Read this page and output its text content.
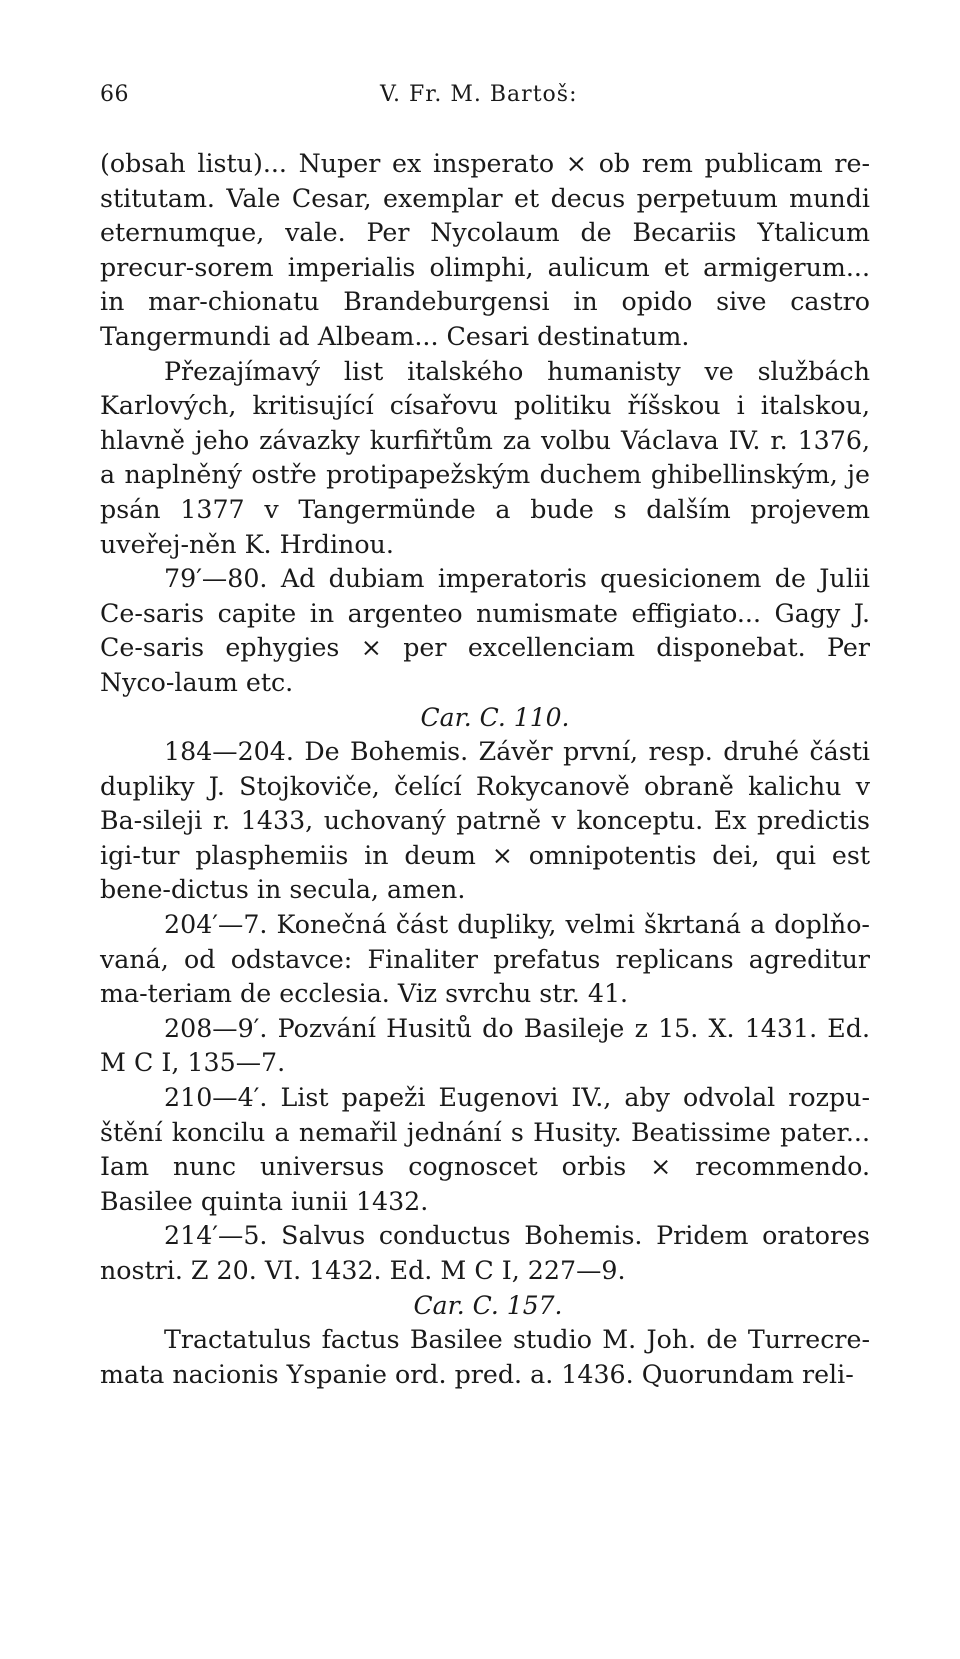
66	V. Fr. M. Bartoš:

(obsah listu)... Nuper ex insperato × ob rem publicam re-stitutam. Vale Cesar, exemplar et decus perpetuum mundi eternumque, vale. Per Nycolaum de Becariis Ytalicum precur-sorem imperialis olimphi, aulicum et armigerum... in mar-chionatu Brandeburgensi in opido sive castro Tangermundi ad Albeam... Cesari destinatum.

Přezajímavý list italského humanisty ve službách Karlových, kritisující císařovu politiku říšskou i italskou, hlavně jeho závazky kurfiřtům za volbu Václava IV. r. 1376, a naplněný ostře protipapežským duchem ghibellinským, je psán 1377 v Tangermünde a bude s dalším projevem uveřej-něn K. Hrdinou.

79′—80. Ad dubiam imperatoris quesicionem de Julii Ce-saris capite in argenteo numismate effigiato... Gagy J. Ce-saris ephygies × per excellenciam disponebat. Per Nyco-laum etc.

Car. C. 110.

184—204. De Bohemis. Závěr první, resp. druhé části dupliky J. Stojkoviče, čelící Rokycanově obraně kalichu v Ba-sileji r. 1433, uchovaný patrně v konceptu. Ex predictis igi-tur plasphemiis in deum × omnipotentis dei, qui est bene-dictus in secula, amen.

204′—7. Konečná část dupliky, velmi škrtaná a doplňo-vaná, od odstavce: Finaliter prefatus replicans agreditur ma-teriam de ecclesia. Viz svrchu str. 41.

208—9′. Pozvání Husitů do Basileje z 15. X. 1431. Ed. M C I, 135—7.

210—4′. List papeži Eugenovi IV., aby odvolal rozpu-štění koncilu a nemařil jednání s Husity. Beatissime pater... Iam nunc universus cognoscet orbis × recommendo. Basilee quinta iunii 1432.

214′—5. Salvus conductus Bohemis. Pridem oratores nostri. Z 20. VI. 1432. Ed. M C I, 227—9.

Car. C. 157.

Tractatulus factus Basilee studio M. Joh. de Turrecre-mata nacionis Yspanie ord. pred. a. 1436. Quorundam reli-
